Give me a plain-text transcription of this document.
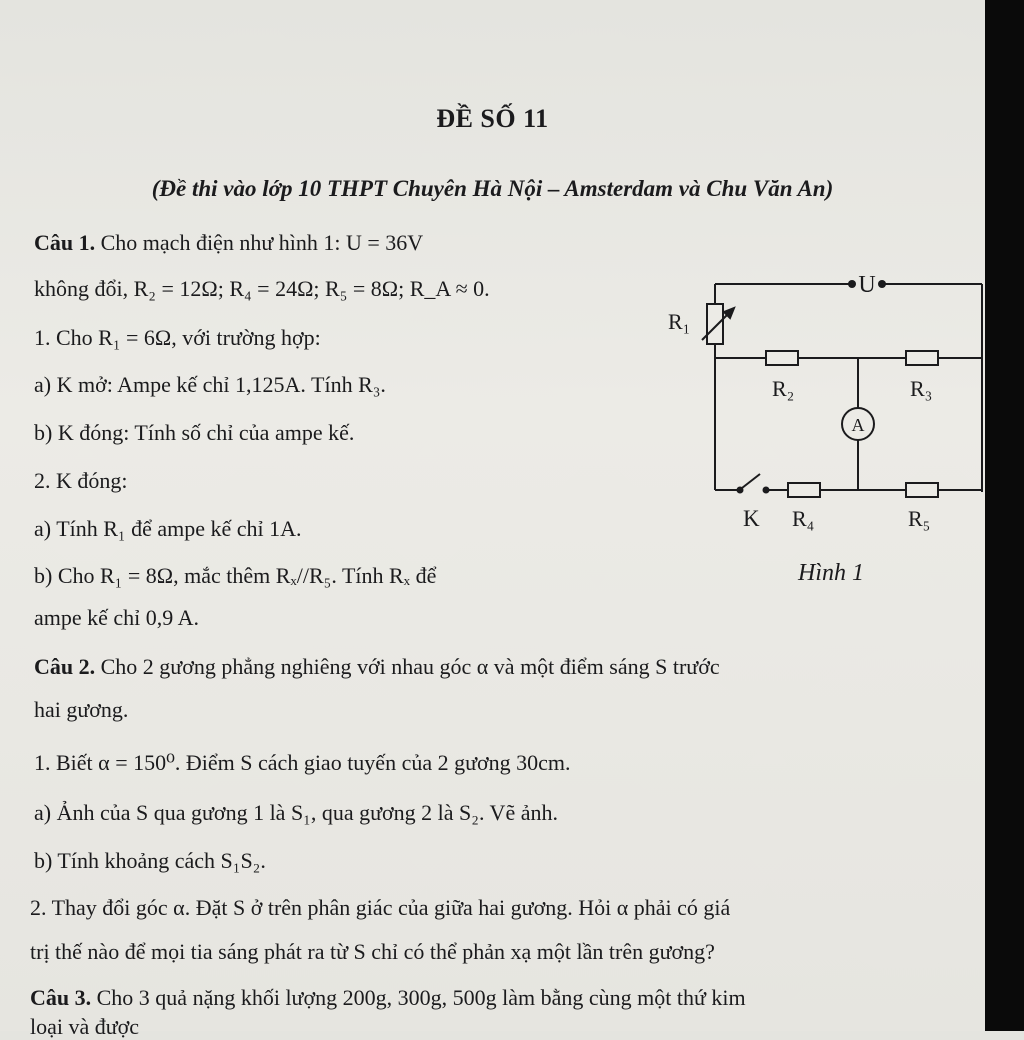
ĐỀ SỐ 11
(Đề thi vào lớp 10 THPT Chuyên Hà Nội – Amsterdam và Chu Văn An)
Câu 1. Cho mạch điện như hình 1: U = 36V
không đổi, R₂ = 12Ω; R₄ = 24Ω; R₅ = 8Ω; R_A ≈ 0.
1. Cho R₁ = 6Ω, với trường hợp:
a) K mở: Ampe kế chỉ 1,125A. Tính R₃.
b) K đóng: Tính số chỉ của ampe kế.
2. K đóng:
a) Tính R₁ để ampe kế chỉ 1A.
b) Cho R₁ = 8Ω, mắc thêm Rₓ//R₅. Tính Rₓ để
ampe kế chỉ 0,9 A.
U
R₁
R₂	R₃
A
K R₄	R₅
Hình 1
Câu 2. Cho 2 gương phẳng nghiêng với nhau góc α và một điểm sáng S trước
hai gương.
1. Biết α = 150⁰. Điểm S cách giao tuyến của 2 gương 30cm.
a) Ảnh của S qua gương 1 là S₁, qua gương 2 là S₂. Vẽ ảnh.
b) Tính khoảng cách S₁S₂.
2. Thay đổi góc α. Đặt S ở trên phân giác của giữa hai gương. Hỏi α phải có giá
trị thế nào để mọi tia sáng phát ra từ S chỉ có thể phản xạ một lần trên gương?
Câu 3. Cho 3 quả nặng khối lượng 200g, 300g, 500g làm bằng cùng một thứ kim
loại và được
